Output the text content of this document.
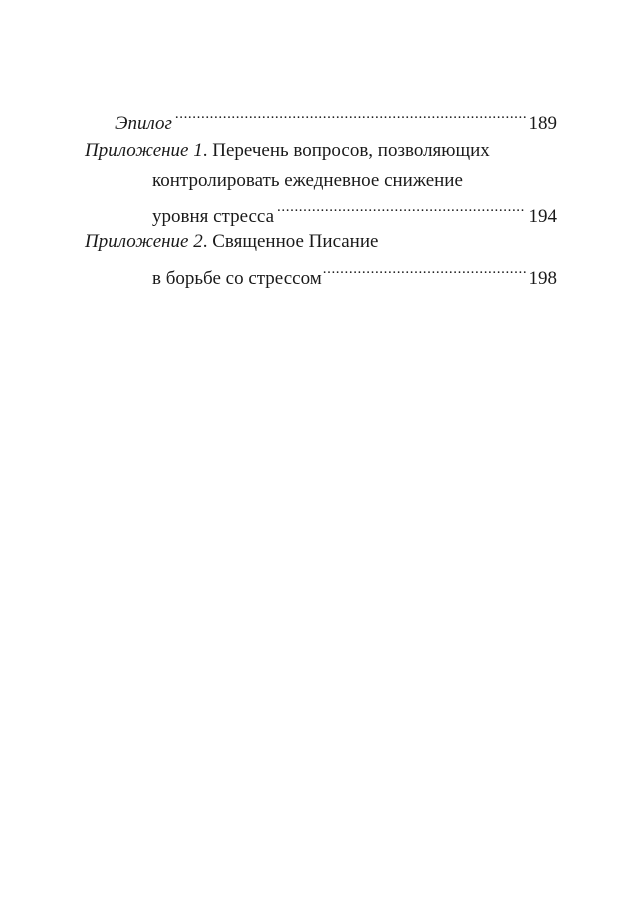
Эпилог .....	189
Приложение 1 . Перечень вопросов, позволяющих
контролировать ежедневное снижение
уровня стресса .....	194
Приложение 2 . Священное Писание
в борьбе со стрессом .....	198
